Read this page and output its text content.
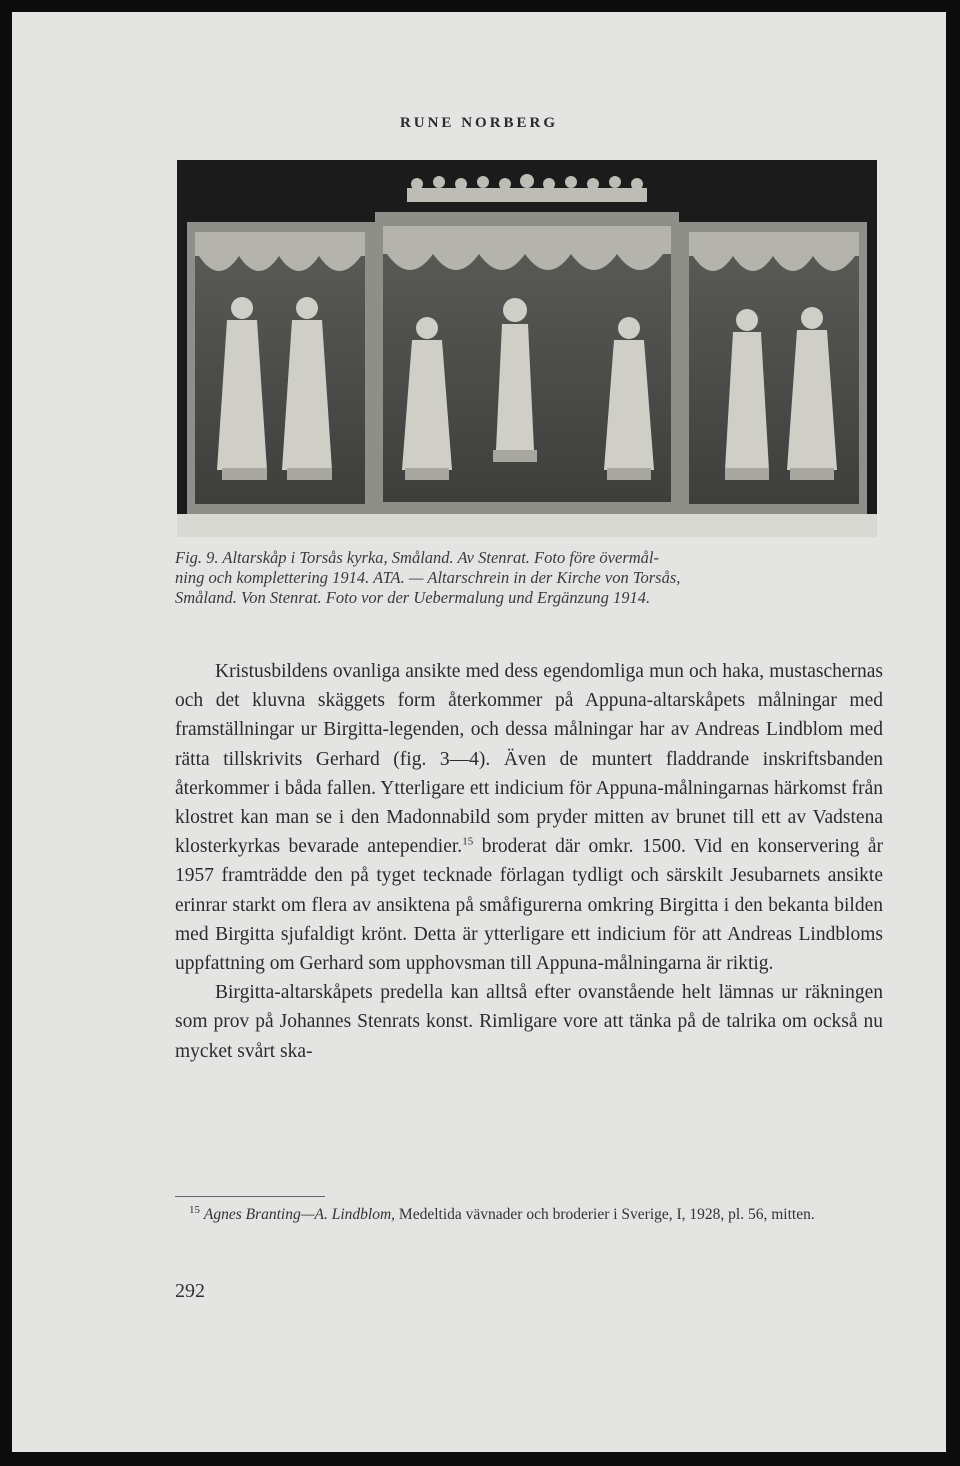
RUNE NORBERG

Fig. 9. Altarskåp i Torsås kyrka, Småland. Av Stenrat. Foto före övermål-

ning och komplettering 1914. ATA. — Altarschrein in der Kirche von Torsås,

Småland. Von Stenrat. Foto vor der Uebermalung und Ergänzung 1914.

Kristusbildens ovanliga ansikte med dess egendomliga mun och haka, mustaschernas och det kluvna skäggets form återkommer på Appuna-altarskåpets målningar med framställningar ur Birgitta-legenden, och dessa målningar har av Andreas Lindblom med rätta tillskrivits Gerhard (fig. 3—4). Även de muntert fladdrande inskriftsbanden återkommer i båda fallen. Ytterligare ett indicium för Appuna-målningarnas härkomst från klostret kan man se i den Madonnabild som pryder mitten av brunet till ett av Vadstena klosterkyrkas bevarade antependier.$^{15}$ broderat där omkr. 1500. Vid en konservering år 1957 framträdde den på tyget tecknade förlagan tydligt och särskilt Jesubarnets ansikte erinrar starkt om flera av ansiktena på småfigurerna omkring Birgitta i den bekanta bilden med Birgitta sjufaldigt krönt. Detta är ytterligare ett indicium för att Andreas Lindbloms uppfattning om Gerhard som upphovsman till Appuna-målningarna är riktig.

Birgitta-altarskåpets predella kan alltså efter ovanstående helt lämnas ur räkningen som prov på Johannes Stenrats konst. Rimligare vore att tänka på de talrika om också nu mycket svårt ska-

$^{15}$ Agnes Branting—A. Lindblom, Medeltida vävnader och broderier i Sverige, I, 1928, pl. 56, mitten.

292
